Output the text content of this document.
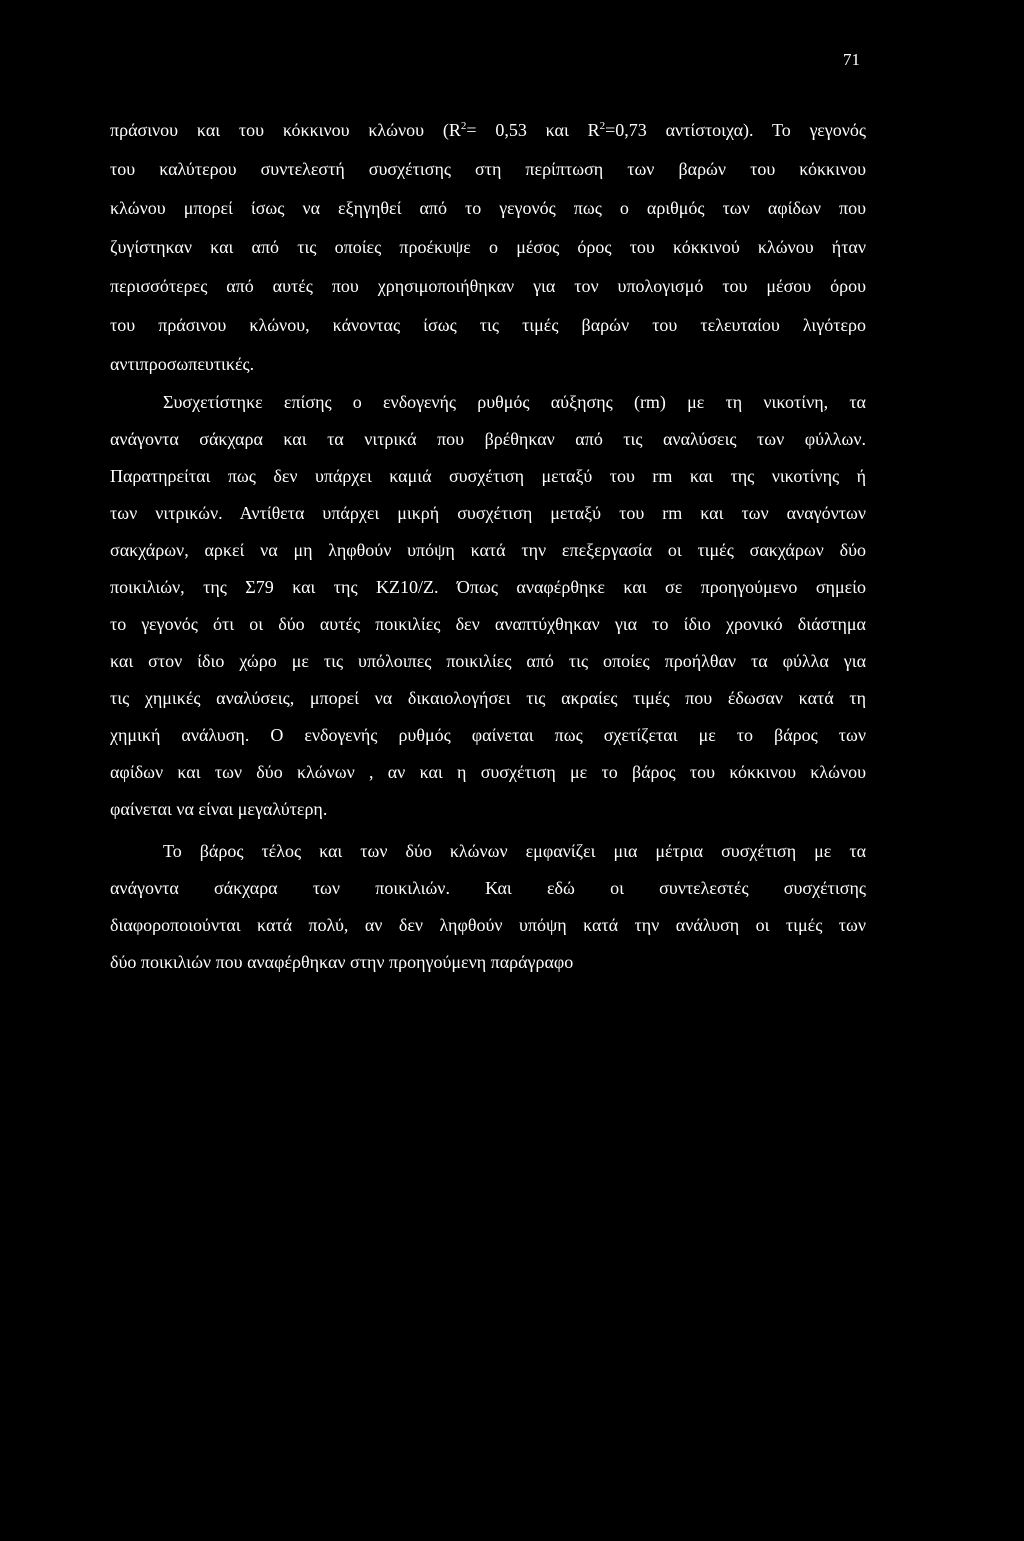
71
πράσινου και του κόκκινου κλώνου ($R^2= 0,53$ και $R^2=0,73$ αντίστοιχα). Το γεγονός
του καλύτερου συντελεστή συσχέτισης στη περίπτωση των βαρών του κόκκινου
κλώνου μπορεί ίσως να εξηγηθεί από το γεγονός πως ο αριθμός των αφίδων που
ζυγίστηκαν και από τις οποίες προέκυψε ο μέσος όρος του κόκκινού κλώνου ήταν
περισσότερες από αυτές που χρησιμοποιήθηκαν για τον υπολογισμό του μέσου όρου
του πράσινου κλώνου, κάνοντας ίσως τις τιμές βαρών του τελευταίου λιγότερο
αντιπροσωπευτικές.
Συσχετίστηκε επίσης ο ενδογενής ρυθμός αύξησης (rm) με τη νικοτίνη, τα
ανάγοντα σάκχαρα και τα νιτρικά που βρέθηκαν από τις αναλύσεις των φύλλων.
Παρατηρείται πως δεν υπάρχει καμιά συσχέτιση μεταξύ του rm και της νικοτίνης ή
των νιτρικών. Αντίθετα υπάρχει μικρή συσχέτιση μεταξύ του rm και των αναγόντων
σακχάρων, αρκεί να μη ληφθούν υπόψη κατά την επεξεργασία οι τιμές σακχάρων δύο
ποικιλιών, της Σ79 και της ΚΖ10/Ζ. Όπως αναφέρθηκε και σε προηγούμενο σημείο
το γεγονός ότι οι δύο αυτές ποικιλίες δεν αναπτύχθηκαν για το ίδιο χρονικό διάστημα
και στον ίδιο χώρο με τις υπόλοιπες ποικιλίες από τις οποίες προήλθαν τα φύλλα για
τις χημικές αναλύσεις, μπορεί να δικαιολογήσει τις ακραίες τιμές που έδωσαν κατά τη
χημική ανάλυση. Ο ενδογενής ρυθμός φαίνεται πως σχετίζεται με το βάρος των
αφίδων και των δύο κλώνων , αν και η συσχέτιση με το βάρος του κόκκινου κλώνου
φαίνεται να είναι μεγαλύτερη.
Το βάρος τέλος και των δύο κλώνων εμφανίζει μια μέτρια συσχέτιση με τα
ανάγοντα σάκχαρα των ποικιλιών. Και εδώ οι συντελεστές συσχέτισης
διαφοροποιούνται κατά πολύ, αν δεν ληφθούν υπόψη κατά την ανάλυση οι τιμές των
δύο ποικιλιών που αναφέρθηκαν στην προηγούμενη παράγραφο
